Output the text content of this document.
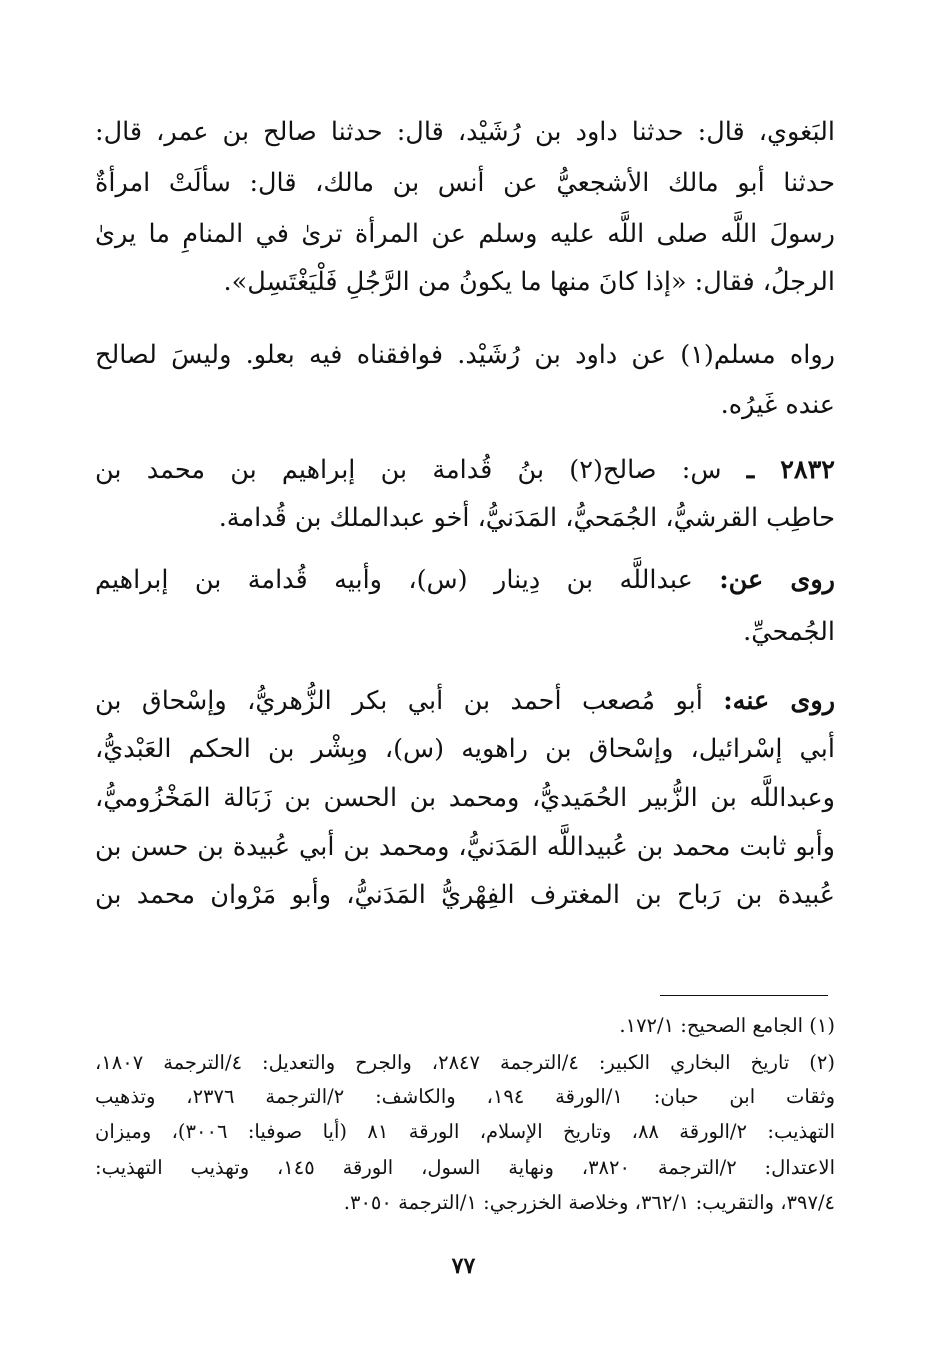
البَغوي، قال: حدثنا داود بن رُشَيْد، قال: حدثنا صالح بن عمر، قال:
حدثنا أبو مالك الأشجعيُّ عن أنس بن مالك، قال: سألَتْ امرأةٌ
رسولَ اللَّه صلى اللَّه عليه وسلم عن المرأة ترىٰ في المنامِ ما يرىٰ
الرجلُ، فقال: «إذا كانَ منها ما يكونُ من الرَّجُلِ فَلْيَغْتَسِل».
رواه مسلم(١) عن داود بن رُشَيْد. فوافقناه فيه بعلو. وليسَ لصالح
عنده غَيرُه.
٢٨٣٢ ـ س: صالح(٢) بنُ قُدامة بن إبراهيم بن محمد بن
حاطِب القرشيُّ، الجُمَحيُّ، المَدَنيُّ، أخو عبدالملك بن قُدامة.
روى عن: عبداللَّه بن دِينار (س)، وأبيه قُدامة بن إبراهيم
الجُمحيِّ.
روى عنه: أبو مُصعب أحمد بن أبي بكر الزُّهريُّ، وإسْحاق بن
أبي إسْرائيل، وإسْحاق بن راهويه (س)، وبِشْر بن الحكم العَبْديُّ،
وعبداللَّه بن الزُّبير الحُمَيديُّ، ومحمد بن الحسن بن زَبَالة المَخْزُوميُّ،
وأبو ثابت محمد بن عُبيداللَّه المَدَنيُّ، ومحمد بن أبي عُبيدة بن حسن بن
عُبيدة بن رَباح بن المغترف الفِهْريُّ المَدَنيُّ، وأبو مَرْوان محمد بن
(١) الجامع الصحيح: ١٧٢/١.
(٢) تاريخ البخاري الكبير: ٤/الترجمة ٢٨٤٧، والجرح والتعديل: ٤/الترجمة ١٨٠٧،
وثقات ابن حبان: ١/الورقة ١٩٤، والكاشف: ٢/الترجمة ٢٣٧٦، وتذهيب
التهذيب: ٢/الورقة ٨٨، وتاريخ الإسلام، الورقة ٨١ (أيا صوفيا: ٣٠٠٦)، وميزان
الاعتدال: ٢/الترجمة ٣٨٢٠، ونهاية السول، الورقة ١٤٥، وتهذيب التهذيب:
٣٩٧/٤، والتقريب: ٣٦٢/١، وخلاصة الخزرجي: ١/الترجمة ٣٠٥٠.
٧٧
